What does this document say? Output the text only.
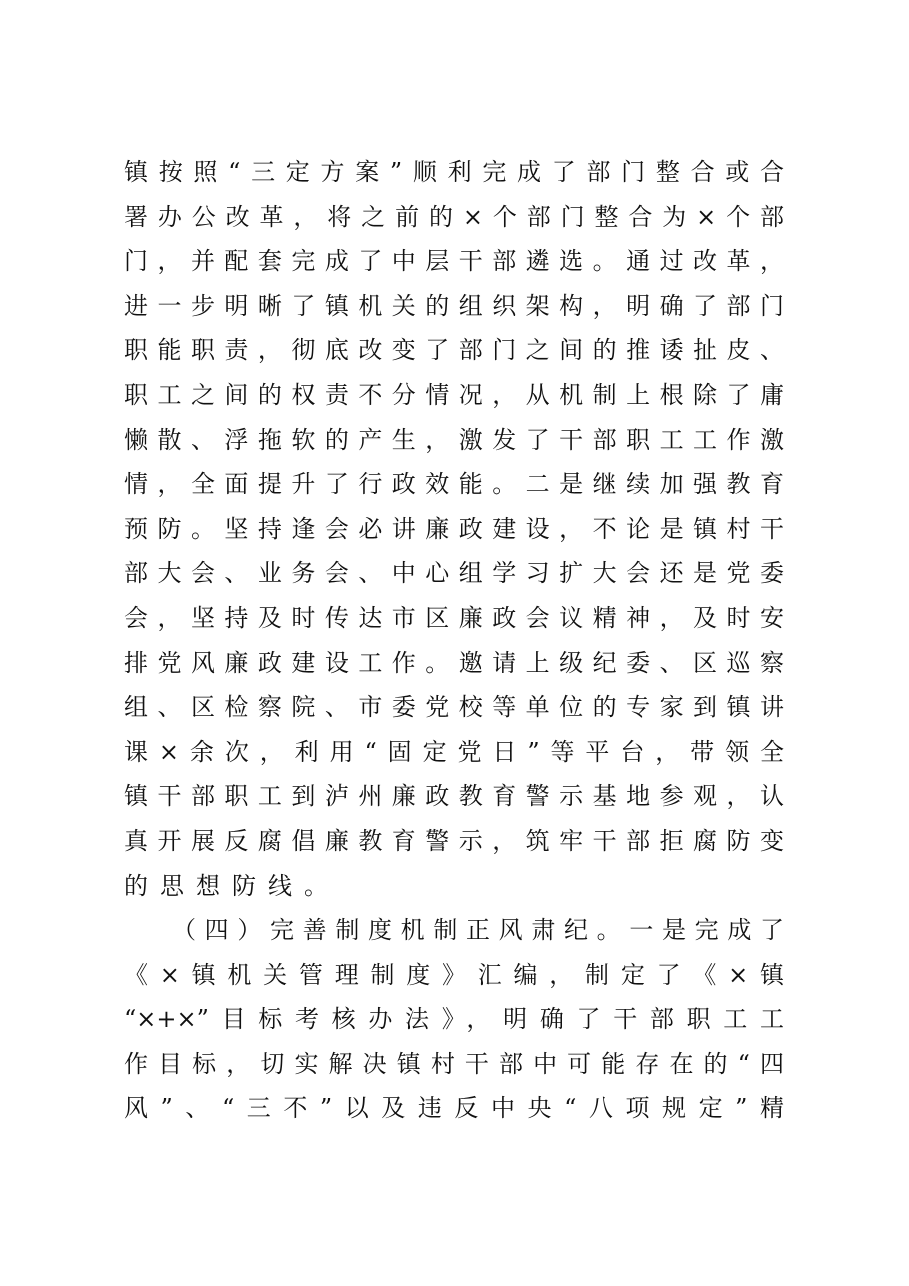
镇按照“三定方案”顺利完成了部门整合或合
署办公改革，将之前的×个部门整合为×个部
门，并配套完成了中层干部遴选。通过改革，
进一步明晰了镇机关的组织架构，明确了部门
职能职责，彻底改变了部门之间的推诿扯皮、
职工之间的权责不分情况，从机制上根除了庸
懒散、浮拖软的产生，激发了干部职工工作激
情，全面提升了行政效能。二是继续加强教育
预防。坚持逢会必讲廉政建设，不论是镇村干
部大会、业务会、中心组学习扩大会还是党委
会，坚持及时传达市区廉政会议精神，及时安
排党风廉政建设工作。邀请上级纪委、区巡察
组、区检察院、市委党校等单位的专家到镇讲
课×余次，利用“固定党日”等平台，带领全
镇干部职工到泸州廉政教育警示基地参观，认
真开展反腐倡廉教育警示，筑牢干部拒腐防变
的思想防线。
（四）完善制度机制正风肃纪。一是完成了
《×镇机关管理制度》汇编，制定了《×镇
“×+×”目标考核办法》，明确了干部职工工
作目标，切实解决镇村干部中可能存在的“四
风”、“三不”以及违反中央“八项规定”精
